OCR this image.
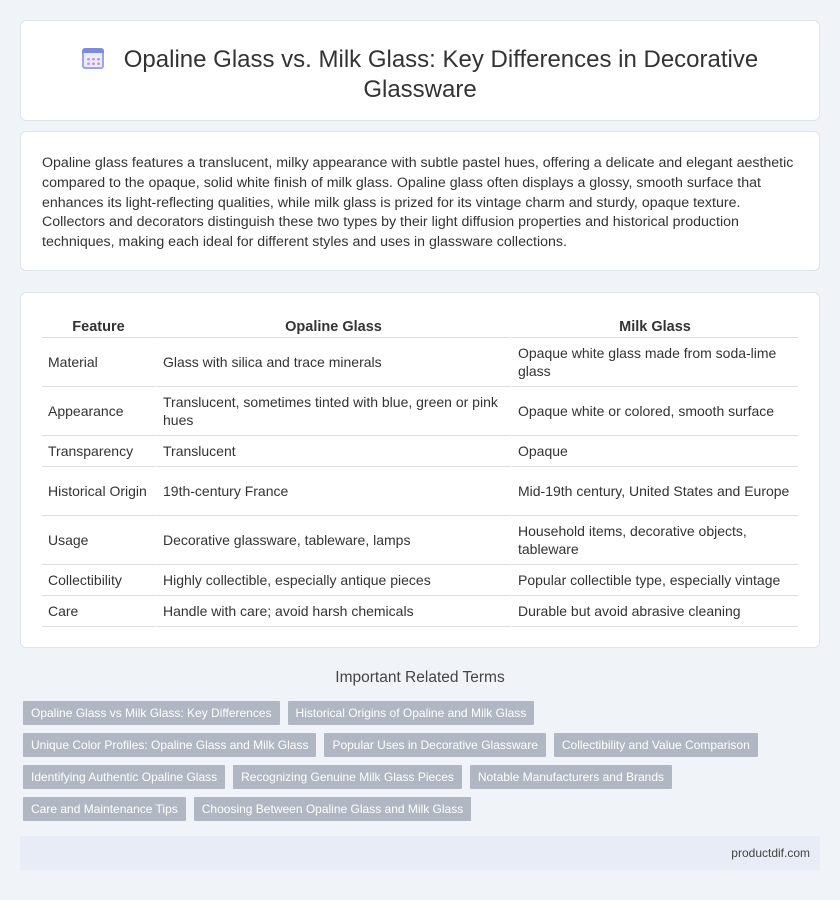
Opaline Glass vs. Milk Glass: Key Differences in Decorative Glassware

Opaline glass features a translucent, milky appearance with subtle pastel hues, offering a delicate and elegant aesthetic compared to the opaque, solid white finish of milk glass. Opaline glass often displays a glossy, smooth surface that enhances its light-reflecting qualities, while milk glass is prized for its vintage charm and sturdy, opaque texture. Collectors and decorators distinguish these two types by their light diffusion properties and historical production techniques, making each ideal for different styles and uses in glassware collections.

Feature	Opaline Glass	Milk Glass
Material	Glass with silica and trace minerals	Opaque white glass made from soda-lime glass
Appearance	Translucent, sometimes tinted with blue, green or pink hues	Opaque white or colored, smooth surface
Transparency	Translucent	Opaque
Historical Origin	19th-century France	Mid-19th century, United States and Europe
Usage	Decorative glassware, tableware, lamps	Household items, decorative objects, tableware
Collectibility	Highly collectible, especially antique pieces	Popular collectible type, especially vintage
Care	Handle with care; avoid harsh chemicals	Durable but avoid abrasive cleaning
Important Related Terms
Opaline Glass vs Milk Glass: Key Differences	Historical Origins of Opaline and Milk Glass
Unique Color Profiles: Opaline Glass and Milk Glass	Popular Uses in Decorative Glassware	Collectibility and Value Comparison
Identifying Authentic Opaline Glass	Recognizing Genuine Milk Glass Pieces	Notable Manufacturers and Brands
Care and Maintenance Tips	Choosing Between Opaline Glass and Milk Glass
productdif.com
